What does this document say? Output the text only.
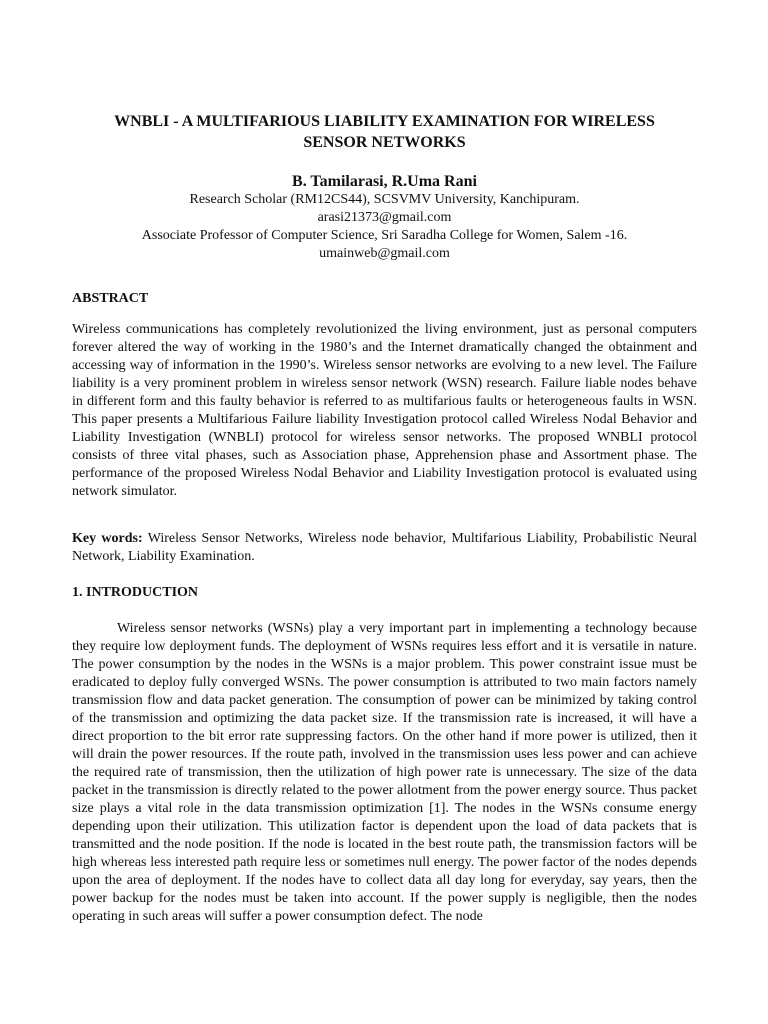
WNBLI - A MULTIFARIOUS LIABILITY EXAMINATION FOR WIRELESS
SENSOR NETWORKS
B. Tamilarasi, R.Uma Rani
Research Scholar (RM12CS44), SCSVMV University, Kanchipuram.
arasi21373@gmail.com
Associate Professor of Computer Science, Sri Saradha College for Women, Salem -16.
umainweb@gmail.com
ABSTRACT
Wireless communications has completely revolutionized the living environment, just as personal computers forever altered the way of working in the 1980’s and the Internet dramatically changed the obtainment and accessing way of information in the 1990’s. Wireless sensor networks are evolving to a new level. The Failure liability is a very prominent problem in wireless sensor network (WSN) research. Failure liable nodes behave in different form and this faulty behavior is referred to as multifarious faults or heterogeneous faults in WSN. This paper presents a Multifarious Failure liability Investigation protocol called Wireless Nodal Behavior and Liability Investigation (WNBLI) protocol for wireless sensor networks. The proposed WNBLI protocol consists of three vital phases, such as Association phase, Apprehension phase and Assortment phase. The performance of the proposed Wireless Nodal Behavior and Liability Investigation protocol is evaluated using network simulator.
Key words: Wireless Sensor Networks, Wireless node behavior, Multifarious Liability, Probabilistic Neural Network, Liability Examination.
1. INTRODUCTION
Wireless sensor networks (WSNs) play a very important part in implementing a technology because they require low deployment funds. The deployment of WSNs requires less effort and it is versatile in nature. The power consumption by the nodes in the WSNs is a major problem. This power constraint issue must be eradicated to deploy fully converged WSNs. The power consumption is attributed to two main factors namely transmission flow and data packet generation. The consumption of power can be minimized by taking control of the transmission and optimizing the data packet size. If the transmission rate is increased, it will have a direct proportion to the bit error rate suppressing factors. On the other hand if more power is utilized, then it will drain the power resources. If the route path, involved in the transmission uses less power and can achieve the required rate of transmission, then the utilization of high power rate is unnecessary. The size of the data packet in the transmission is directly related to the power allotment from the power energy source. Thus packet size plays a vital role in the data transmission optimization [1]. The nodes in the WSNs consume energy depending upon their utilization. This utilization factor is dependent upon the load of data packets that is transmitted and the node position. If the node is located in the best route path, the transmission factors will be high whereas less interested path require less or sometimes null energy. The power factor of the nodes depends upon the area of deployment. If the nodes have to collect data all day long for everyday, say years, then the power backup for the nodes must be taken into account. If the power supply is negligible, then the nodes operating in such areas will suffer a power consumption defect. The node
